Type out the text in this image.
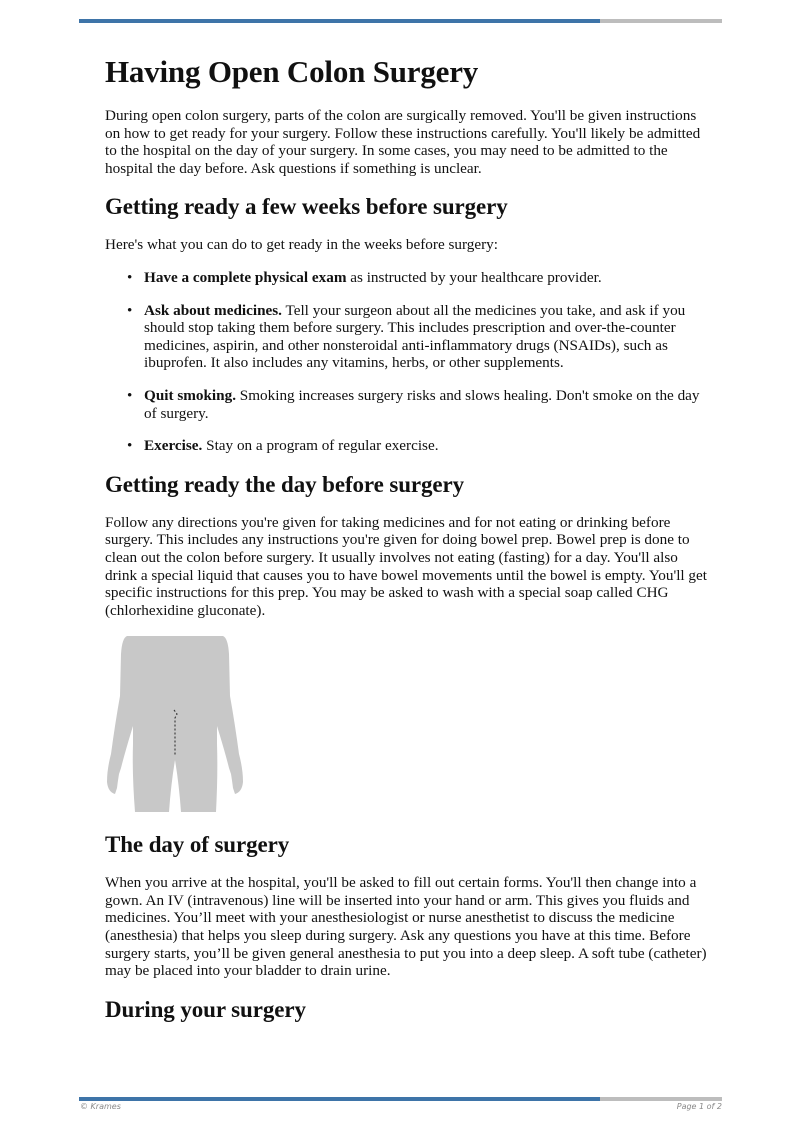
Having Open Colon Surgery

During open colon surgery, parts of the colon are surgically removed. You'll be given instructions on how to get ready for your surgery. Follow these instructions carefully. You'll likely be admitted to the hospital on the day of your surgery. In some cases, you may need to be admitted to the hospital the day before. Ask questions if something is unclear.

Getting ready a few weeks before surgery

Here's what you can do to get ready in the weeks before surgery:

• Have a complete physical exam as instructed by your healthcare provider.
• Ask about medicines. Tell your surgeon about all the medicines you take, and ask if you should stop taking them before surgery. This includes prescription and over-the-counter medicines, aspirin, and other nonsteroidal anti-inflammatory drugs (NSAIDs), such as ibuprofen. It also includes any vitamins, herbs, or other supplements.
• Quit smoking. Smoking increases surgery risks and slows healing. Don't smoke on the day of surgery.
• Exercise. Stay on a program of regular exercise.
Getting ready the day before surgery

Follow any directions you're given for taking medicines and for not eating or drinking before surgery. This includes any instructions you're given for doing bowel prep. Bowel prep is done to clean out the colon before surgery. It usually involves not eating (fasting) for a day. You'll also drink a special liquid that causes you to have bowel movements until the bowel is empty. You'll get specific instructions for this prep. You may be asked to wash with a special soap called CHG (chlorhexidine gluconate).

The day of surgery

When you arrive at the hospital, you'll be asked to fill out certain forms. You'll then change into a gown. An IV (intravenous) line will be inserted into your hand or arm. This gives you fluids and medicines. You’ll meet with your anesthesiologist or nurse anesthetist to discuss the medicine (anesthesia) that helps you sleep during surgery. Ask any questions you have at this time. Before surgery starts, you’ll be given general anesthesia to put you into a deep sleep. A soft tube (catheter) may be placed into your bladder to drain urine.

During your surgery
© Krames	Page 1 of 2
